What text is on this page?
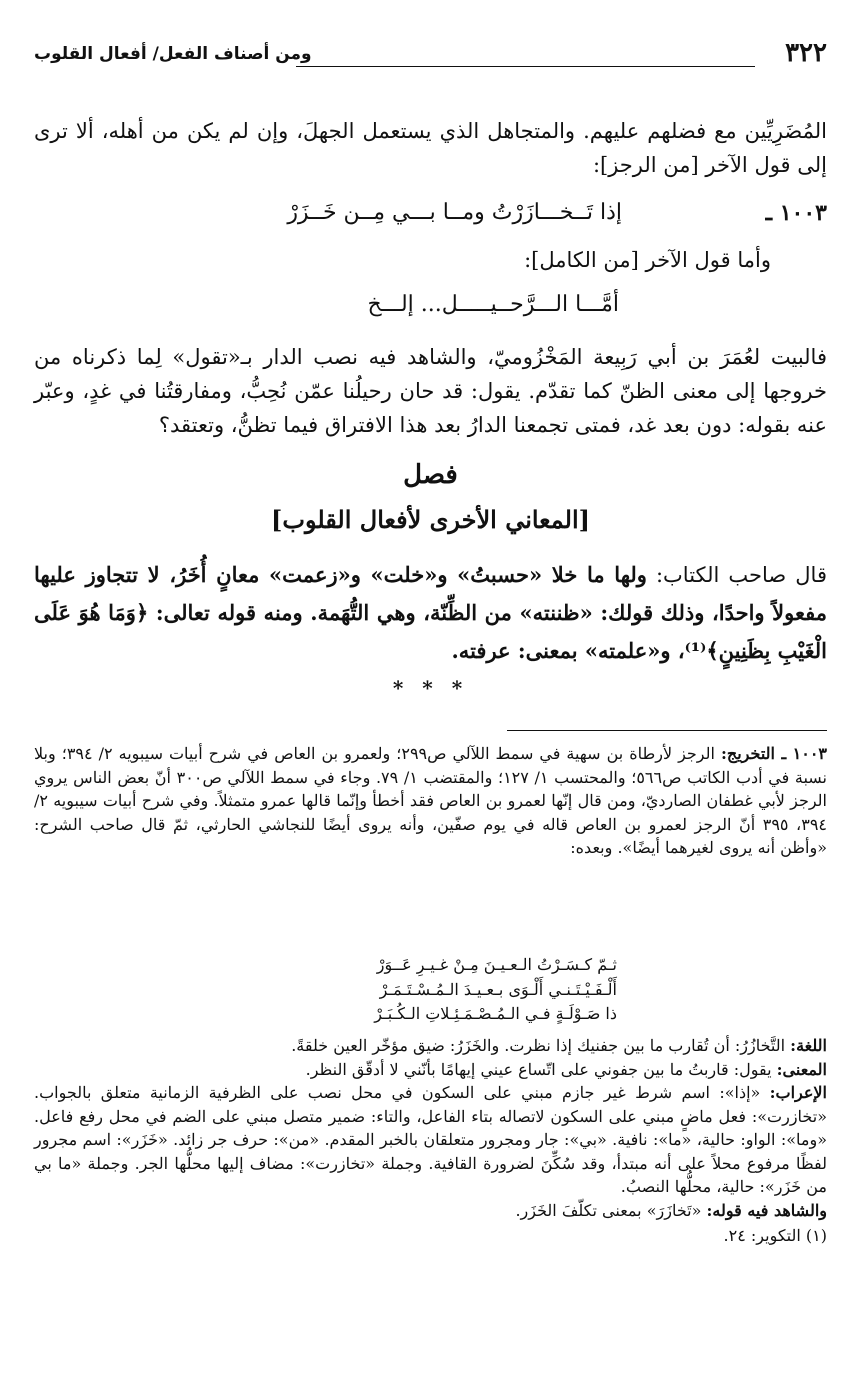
٣٢٢
ومن أصناف الفعل/ أفعال القلوب
المُضَرِيِّين مع فضلهم عليهم. والمتجاهل الذي يستعمل الجهلَ، وإن لم يكن من أهله، ألا ترى إلى قول الآخر [من الرجز]:
١٠٠٣ ـ
إذا تَــخـــازَرْتُ ومــا بـــي مِــن خَــزَرْ
وأما قول الآخر [من الكامل]:
أمَّـــا الـــرَّحــيـــــل... إلـــخ
فالبيت لعُمَرَ بن أبي رَبِيعة المَخْزُوميّ، والشاهد فيه نصب الدار بـ«تقول» لِما ذكرناه من خروجها إلى معنى الظنّ كما تقدّم. يقول: قد حان رحيلُنا عمّن نُحِبُّ، ومفارقتُنا في غدٍ، وعبّر عنه بقوله: دون بعد غد، فمتى تجمعنا الدارُ بعد هذا الافتراق فيما تظنُّ، وتعتقد؟
فصل
[المعاني الأخرى لأفعال القلوب]
قال صاحب الكتاب: ولها ما خلا «حسبتُ» و«خلت» و«زعمت» معانٍ أُخَرُ، لا تتجاوز عليها مفعولاً واحدًا، وذلك قولك: «ظننته» من الظِّنّة، وهي التُّهَمة. ومنه قوله تعالى: ﴿وَمَا هُوَ عَلَى الْغَيْبِ بِظَنِينٍ﴾⁽¹⁾، و«علمته» بمعنى: عرفته.
* * *
١٠٠٣ ـ التخريج: الرجز لأرطاة بن سهية في سمط اللآلي ص٢٩٩؛ ولعمرو بن العاص في شرح أبيات سيبويه ٢/ ٣٩٤؛ وبلا نسبة في أدب الكاتب ص٥٦٦؛ والمحتسب ١/ ١٢٧؛ والمقتضب ١/ ٧٩. وجاء في سمط اللآلي ص٣٠٠ أنّ بعض الناس يروي الرجز لأبي غطفان الصارديّ، ومن قال إنّها لعمرو بن العاص فقد أخطأ وإنّما قالها عمرو متمثلاً. وفي شرح أبيات سيبويه ٢/ ٣٩٤، ٣٩٥ أنّ الرجز لعمرو بن العاص قاله في يوم صفّين، وأنه يروى أيضًا للنجاشي الحارثي، ثمّ قال صاحب الشرح: «وأظن أنه يروى لغيرهما أيضًا». وبعده:
ثـمّ كـسَـرْتُ الـعـيـنَ مِـنْ غـيـرِ عَــوَرْ
أَلْـفَـيْـتَـنـي أَلْـوَى بـعـيـدَ الـمُـسْـتَـمَـرْ
ذا صَـوْلَـةٍ فـي الـمُـصْـمَـئِـلاتِ الـكُـبَـرْ
اللغة: التَّخازُرُ: أن تُقارب ما بين جفنيك إذا نظرت. والخَزَرُ: ضيق مؤخّر العين خلقةً.
المعنى: يقول: قاربتُ ما بين جفوني على اتّساع عيني إيهامًا بأنّني لا أدقّق النظر.
الإعراب: «إذا»: اسم شرط غير جازم مبني على السكون في محل نصب على الظرفية الزمانية متعلق بالجواب. «تخازرت»: فعل ماضٍ مبني على السكون لاتصاله بتاء الفاعل، والتاء: ضمير متصل مبني على الضم في محل رفع فاعل. «وما»: الواو: حالية، «ما»: نافية. «بي»: جار ومجرور متعلقان بالخبر المقدم. «من»: حرف جر زائد. «خَزَر»: اسم مجرور لفظًا مرفوع محلاً على أنه مبتدأ، وقد سُكِّنَ لضرورة القافية. وجملة «تخازرت»: مضاف إليها محلُّها الجر. وجملة «ما بي من خَزَر»: حالية، محلُّها النصبُ.
والشاهد فيه قوله: «تَخازَرَ» بمعنى تكلّفَ الخَزَر.
(١) التكوير: ٢٤.
